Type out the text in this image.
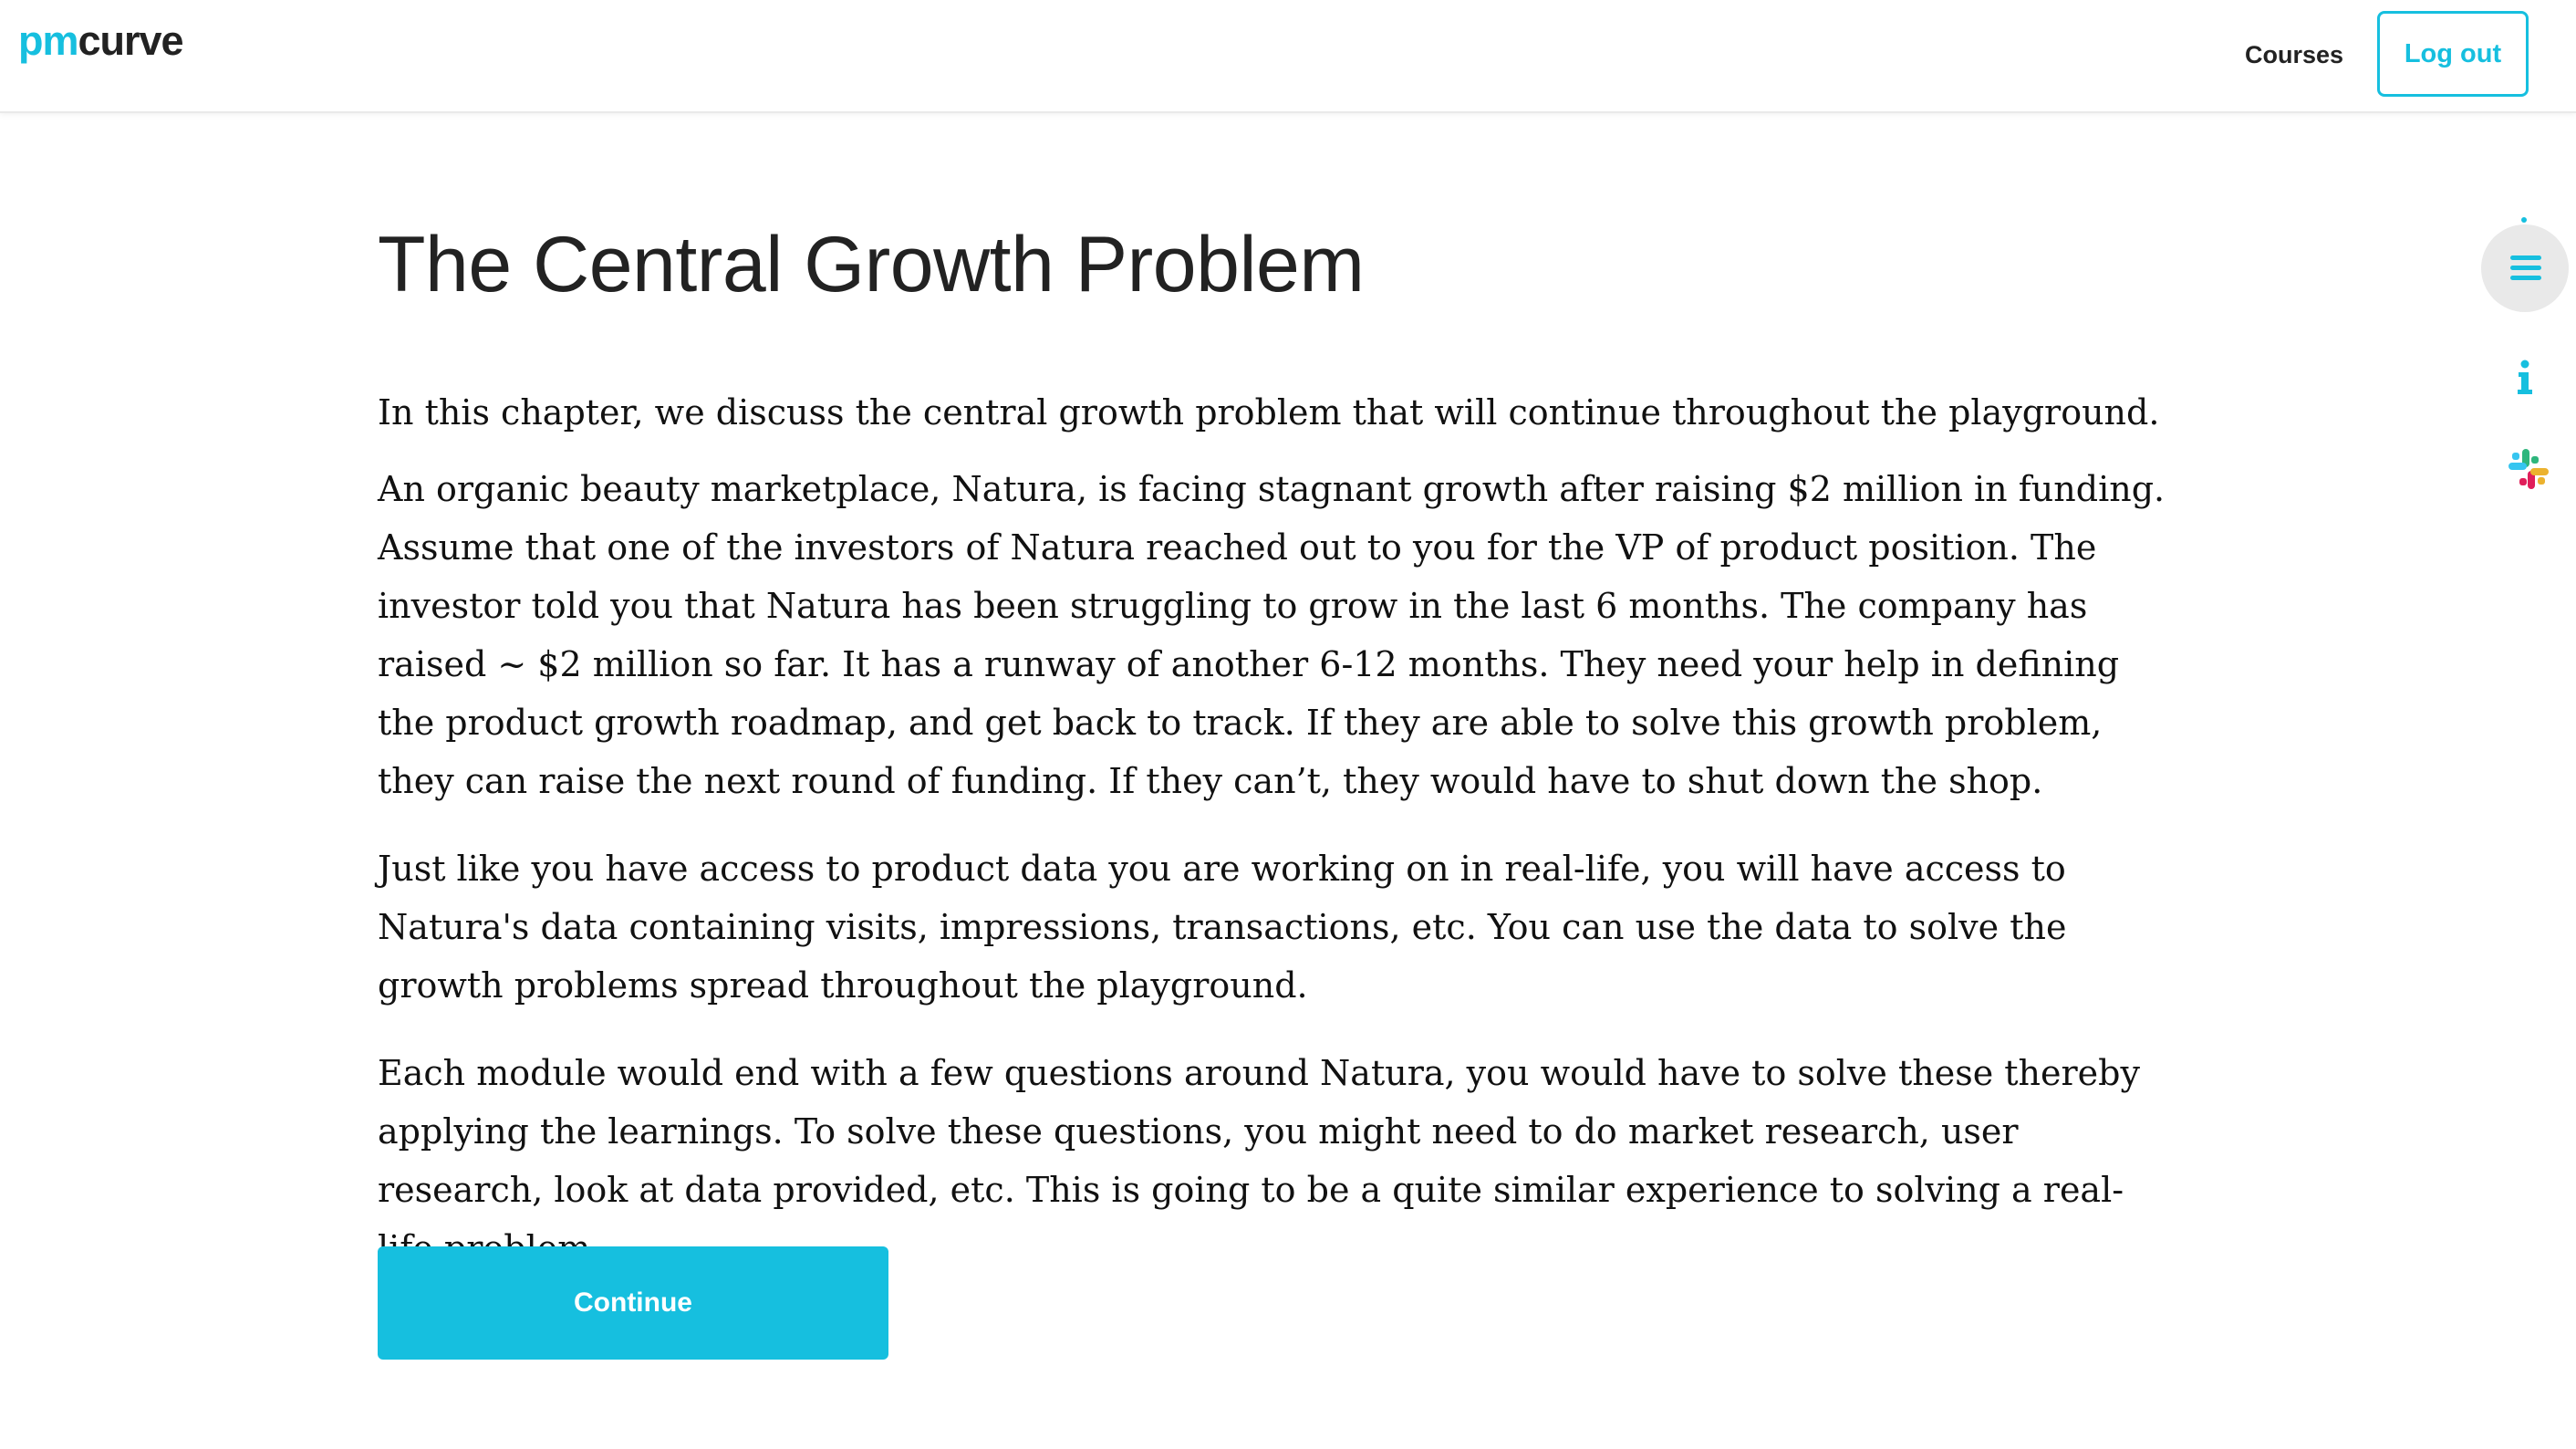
pmcurve	Courses	Log out
The Central Growth Problem

In this chapter, we discuss the central growth problem that will continue throughout the playground.

An organic beauty marketplace, Natura, is facing stagnant growth after raising $2 million in funding. Assume that one of the investors of Natura reached out to you for the VP of product position. The investor told you that Natura has been struggling to grow in the last 6 months. The company has raised ~ $2 million so far. It has a runway of another 6-12 months. They need your help in defining the product growth roadmap, and get back to track. If they are able to solve this growth problem, they can raise the next round of funding. If they can’t, they would have to shut down the shop.

Just like you have access to product data you are working on in real-life, you will have access to Natura's data containing visits, impressions, transactions, etc. You can use the data to solve the growth problems spread throughout the playground.

Each module would end with a few questions around Natura, you would have to solve these thereby applying the learnings. To solve these questions, you might need to do market research, user research, look at data provided, etc. This is going to be a quite similar experience to solving a real-

Continue
